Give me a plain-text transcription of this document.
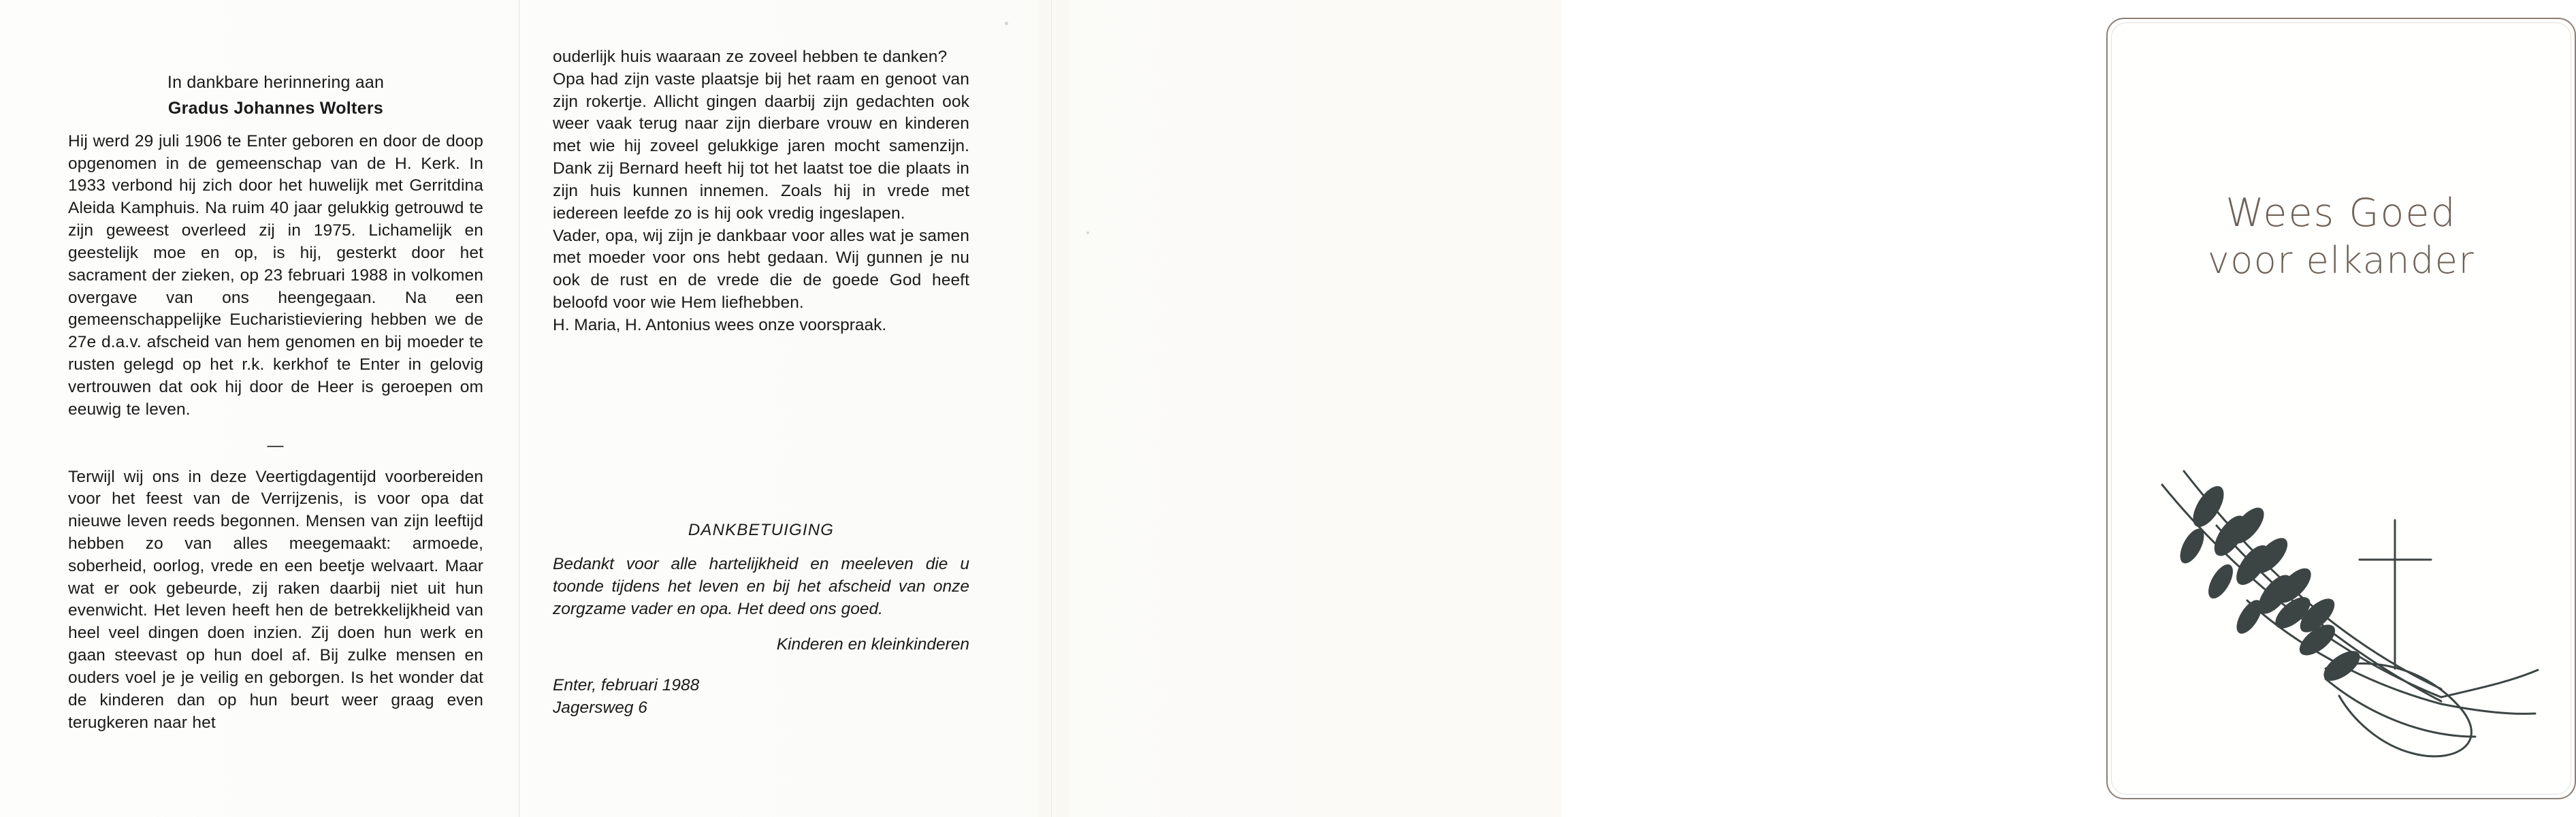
In dankbare herinnering aan
Gradus Johannes Wolters
Hij werd 29 juli 1906 te Enter geboren en door de doop opgenomen in de gemeenschap van de H. Kerk. In 1933 verbond hij zich door het huwelijk met Gerritdina Aleida Kamphuis. Na ruim 40 jaar gelukkig getrouwd te zijn geweest overleed zij in 1975. Lichamelijk en geestelijk moe en op, is hij, gesterkt door het sacrament der zieken, op 23 februari 1988 in volkomen overgave van ons heengegaan. Na een gemeenschappelijke Eucharistieviering hebben we de 27e d.a.v. afscheid van hem genomen en bij moeder te rusten gelegd op het r.k. kerkhof te Enter in gelovig vertrouwen dat ook hij door de Heer is geroepen om eeuwig te leven.
—
Terwijl wij ons in deze Veertigdagentijd voorbereiden voor het feest van de Verrijzenis, is voor opa dat nieuwe leven reeds begonnen. Mensen van zijn leeftijd hebben zo van alles meegemaakt: armoede, soberheid, oorlog, vrede en een beetje welvaart. Maar wat er ook gebeurde, zij raken daarbij niet uit hun evenwicht. Het leven heeft hen de betrekkelijkheid van heel veel dingen doen inzien. Zij doen hun werk en gaan steevast op hun doel af. Bij zulke mensen en ouders voel je je veilig en geborgen. Is het wonder dat de kinderen dan op hun beurt weer graag even terugkeren naar het
ouderlijk huis waaraan ze zoveel hebben te danken?
Opa had zijn vaste plaatsje bij het raam en genoot van zijn rokertje. Allicht gingen daarbij zijn gedachten ook weer vaak terug naar zijn dierbare vrouw en kinderen met wie hij zoveel gelukkige jaren mocht samenzijn. Dank zij Bernard heeft hij tot het laatst toe die plaats in zijn huis kunnen innemen. Zoals hij in vrede met iedereen leefde zo is hij ook vredig ingeslapen.
Vader, opa, wij zijn je dankbaar voor alles wat je samen met moeder voor ons hebt gedaan. Wij gunnen je nu ook de rust en de vrede die de goede God heeft beloofd voor wie Hem liefhebben.
H. Maria, H. Antonius wees onze voorspraak.
DANKBETUIGING
Bedankt voor alle hartelijkheid en meeleven die u toonde tijdens het leven en bij het afscheid van onze zorgzame vader en opa. Het deed ons goed.
Kinderen en kleinkinderen
Enter, februari 1988
Jagersweg 6
Wees Goed
voor elkander
